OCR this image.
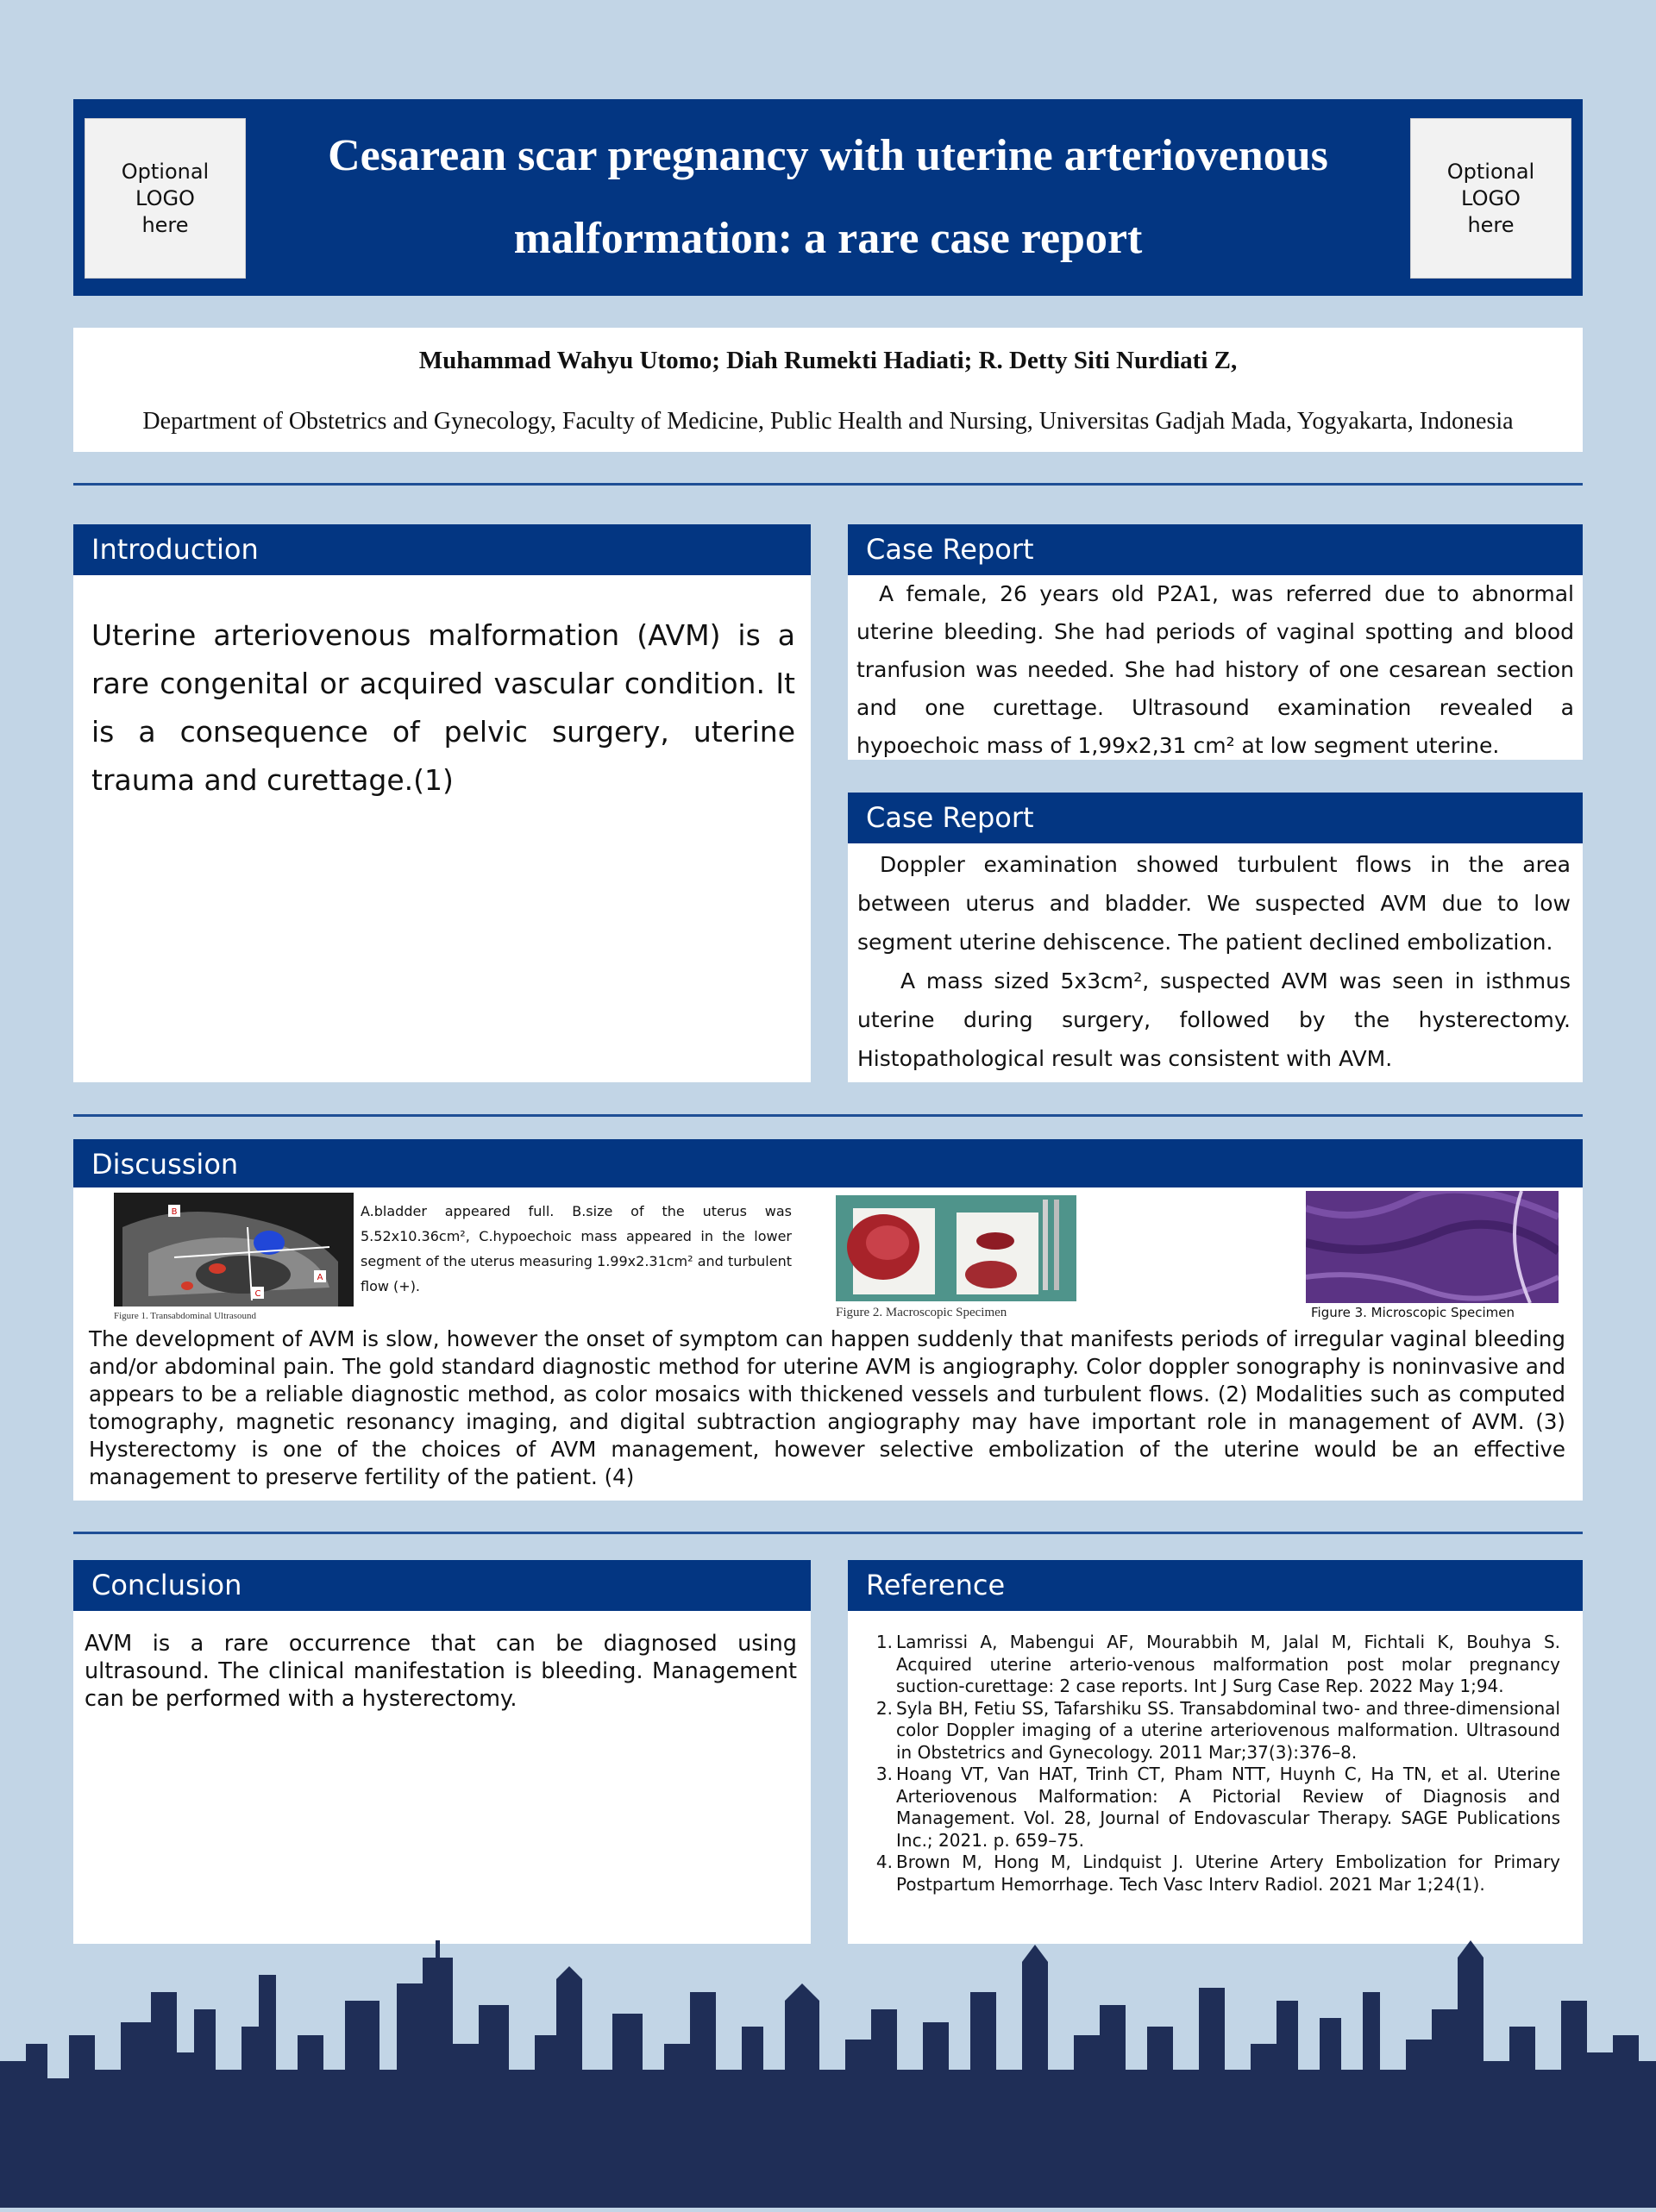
Optional LOGO here
Cesarean scar pregnancy with uterine arteriovenous malformation: a rare case report
Optional LOGO here
Muhammad Wahyu Utomo; Diah Rumekti Hadiati; R. Detty Siti Nurdiati Z,
Department of Obstetrics and Gynecology, Faculty of Medicine, Public Health and Nursing, Universitas Gadjah Mada, Yogyakarta, Indonesia
Introduction

Uterine arteriovenous malformation (AVM) is a rare congenital or acquired vascular condition. It is a consequence of pelvic surgery, uterine trauma and curettage.(1)

Case Report

A female, 26 years old P2A1, was referred due to abnormal uterine bleeding. She had periods of vaginal spotting and blood tranfusion was needed. She had history of one cesarean section and one curettage. Ultrasound examination revealed a hypoechoic mass of 1,99x2,31 cm² at low segment uterine.

Case Report

Doppler examination showed turbulent flows in the area between uterus and bladder. We suspected AVM due to low segment uterine dehiscence. The patient declined embolization.

A mass sized 5x3cm², suspected AVM was seen in isthmus uterine during surgery, followed by the hysterectomy. Histopathological result was consistent with AVM.

Discussion
B
C
A
Figure 1. Transabdominal Ultrasound

A.bladder appeared full. B.size of the uterus was 5.52x10.36cm², C.hypoechoic mass appeared in the lower segment of the uterus measuring 1.99x2.31cm² and turbulent flow (+).

Figure 2. Macroscopic Specimen	Figure 3. Microscopic Specimen

The development of AVM is slow, however the onset of symptom can happen suddenly that manifests periods of irregular vaginal bleeding and/or abdominal pain. The gold standard diagnostic method for uterine AVM is angiography. Color doppler sonography is noninvasive and appears to be a reliable diagnostic method, as color mosaics with thickened vessels and turbulent flows. (2) Modalities such as computed tomography, magnetic resonancy imaging, and digital subtraction angiography may have important role in management of AVM. (3) Hysterectomy is one of the choices of AVM management, however selective embolization of the uterine would be an effective management to preserve fertility of the patient. (4)

Conclusion

AVM is a rare occurrence that can be diagnosed using ultrasound. The clinical manifestation is bleeding. Management can be performed with a hysterectomy.

Reference
1. Lamrissi A, Mabengui AF, Mourabbih M, Jalal M, Fichtali K, Bouhya S. Acquired uterine arterio-venous malformation post molar pregnancy suction-curettage: 2 case reports. Int J Surg Case Rep. 2022 May 1;94.
2. Syla BH, Fetiu SS, Tafarshiku SS. Transabdominal two- and three-dimensional color Doppler imaging of a uterine arteriovenous malformation. Ultrasound in Obstetrics and Gynecology. 2011 Mar;37(3):376–8.
3. Hoang VT, Van HAT, Trinh CT, Pham NTT, Huynh C, Ha TN, et al. Uterine Arteriovenous Malformation: A Pictorial Review of Diagnosis and Management. Vol. 28, Journal of Endovascular Therapy. SAGE Publications Inc.; 2021. p. 659–75.
4. Brown M, Hong M, Lindquist J. Uterine Artery Embolization for Primary Postpartum Hemorrhage. Tech Vasc Interv Radiol. 2021 Mar 1;24(1).
